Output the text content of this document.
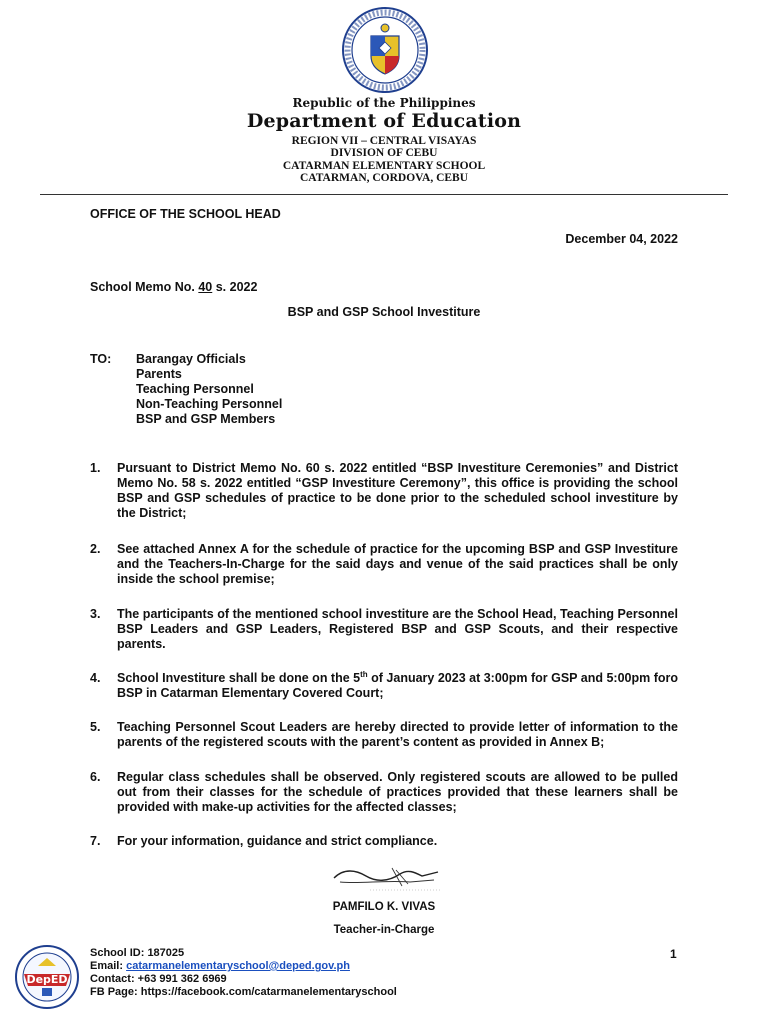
Republic of the Philippines
Department of Education
REGION VII – CENTRAL VISAYAS
DIVISION OF CEBU
CATARMAN ELEMENTARY SCHOOL
CATARMAN, CORDOVA, CEBU
OFFICE OF THE SCHOOL HEAD
December 04, 2022
School Memo No. 40 s. 2022
BSP and GSP School Investiture
TO: Barangay Officials
Parents
Teaching Personnel
Non-Teaching Personnel
BSP and GSP Members
1.	Pursuant to District Memo No. 60 s. 2022 entitled “BSP Investiture Ceremonies” and District Memo No. 58 s. 2022 entitled “GSP Investiture Ceremony”, this office is providing the school BSP and GSP schedules of practice to be done prior to the scheduled school investiture by the District;
2.	See attached Annex A for the schedule of practice for the upcoming BSP and GSP Investiture and the Teachers-In-Charge for the said days and venue of the said practices shall be only inside the school premise;
3.	The participants of the mentioned school investiture are the School Head, Teaching Personnel BSP Leaders and GSP Leaders, Registered BSP and GSP Scouts, and their respective parents.
4.	School Investiture shall be done on the 5th of January 2023 at 3:00pm for GSP and 5:00pm foro BSP in Catarman Elementary Covered Court;
5.	Teaching Personnel Scout Leaders are hereby directed to provide letter of information to the parents of the registered scouts with the parent’s content as provided in Annex B;
6.	Regular class schedules shall be observed. Only registered scouts are allowed to be pulled out from their classes for the schedule of practices provided that these learners shall be provided with make-up activities for the affected classes;
7.	For your information, guidance and strict compliance.
PAMFILO K. VIVAS
Teacher-in-Charge
DepED
School ID: 187025
Email: catarmanelementaryschool@deped.gov.ph
Contact: +63 991 362 6969
FB Page: https://facebook.com/catarmanelementaryschool
1
